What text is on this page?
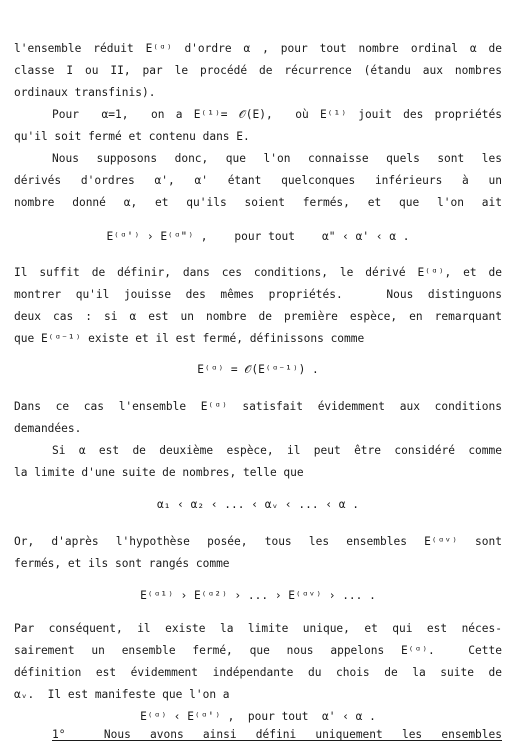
l'ensemble réduit E⁽ᵅ⁾ d'ordre α , pour tout nombre ordinal α de
classe I ou II, par le procédé de récurrence (étandu aux nombres
ordinaux transfinis).
Pour  α=1,  on a E⁽¹⁾= 𝒪(E),  où E⁽¹⁾ jouit des propriétés
qu'il soit fermé et contenu dans E.
Nous supposons donc, que l'on connaisse quels sont les
dérivés d'ordres α', α' étant quelconques inférieurs à un
nombre donné α, et qu'ils soient fermés, et que l'on ait
E⁽ᵅ'⁾ › E⁽ᵅ"⁾ ,    pour tout    α" ‹ α' ‹ α .
Il suffit de définir, dans ces conditions, le dérivé E⁽ᵅ⁾, et de
montrer qu'il jouisse des mêmes propriétés.   Nous distinguons
deux cas : si α est un nombre de première espèce, en remarquant
que E⁽ᵅ⁻¹⁾ existe et il est fermé, définissons comme
E⁽ᵅ⁾ = 𝒪(E⁽ᵅ⁻¹⁾) .
Dans ce cas l'ensemble E⁽ᵅ⁾ satisfait évidemment aux conditions
demandées.
Si α est de deuxième espèce, il peut être considéré comme
la limite d'une suite de nombres, telle que
α₁ ‹ α₂ ‹ ... ‹ αᵥ ‹ ... ‹ α .
Or, d'après l'hypothèse posée, tous les ensembles E⁽ᵅᵛ⁾ sont
fermés, et ils sont rangés comme
E⁽ᵅ¹⁾ › E⁽ᵅ²⁾ › ... › E⁽ᵅᵛ⁾ › ... .
Par conséquent, il existe la limite unique, et qui est néces-
sairement un ensemble fermé, que nous appelons E⁽ᵅ⁾.  Cette
définition est évidemment indépendante du chois de la suite de
αᵥ.  Il est manifeste que l'on a
E⁽ᵅ⁾ ‹ E⁽ᵅ'⁾ ,  pour tout  α' ‹ α .
1°  Nous avons ainsi défini uniquement les ensembles
